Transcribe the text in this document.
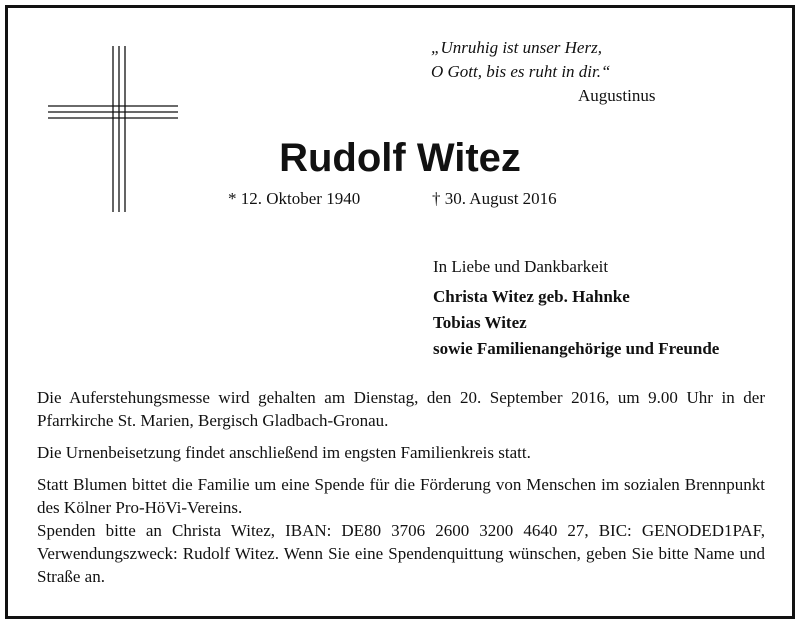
„Unruhig ist unser Herz,
O Gott, bis es ruht in dir.“
Augustinus
Rudolf Witez
* 12. Oktober 1940	† 30. August 2016
In Liebe und Dankbarkeit
Christa Witez geb. Hahnke
Tobias Witez
sowie Familienangehörige und Freunde

Die Auferstehungsmesse wird gehalten am Dienstag, den 20. September 2016, um 9.00 Uhr in der Pfarrkirche St. Marien, Bergisch Gladbach-Gronau.

Die Urnenbeisetzung findet anschließend im engsten Familienkreis statt.

Statt Blumen bittet die Familie um eine Spende für die Förderung von Menschen im sozialen Brennpunkt des Kölner Pro-HöVi-Vereins.

Spenden bitte an Christa Witez, IBAN: DE80 3706 2600 3200 4640 27, BIC: GENODED1PAF, Verwendungszweck: Rudolf Witez. Wenn Sie eine Spendenquittung wünschen, geben Sie bitte Name und Straße an.
